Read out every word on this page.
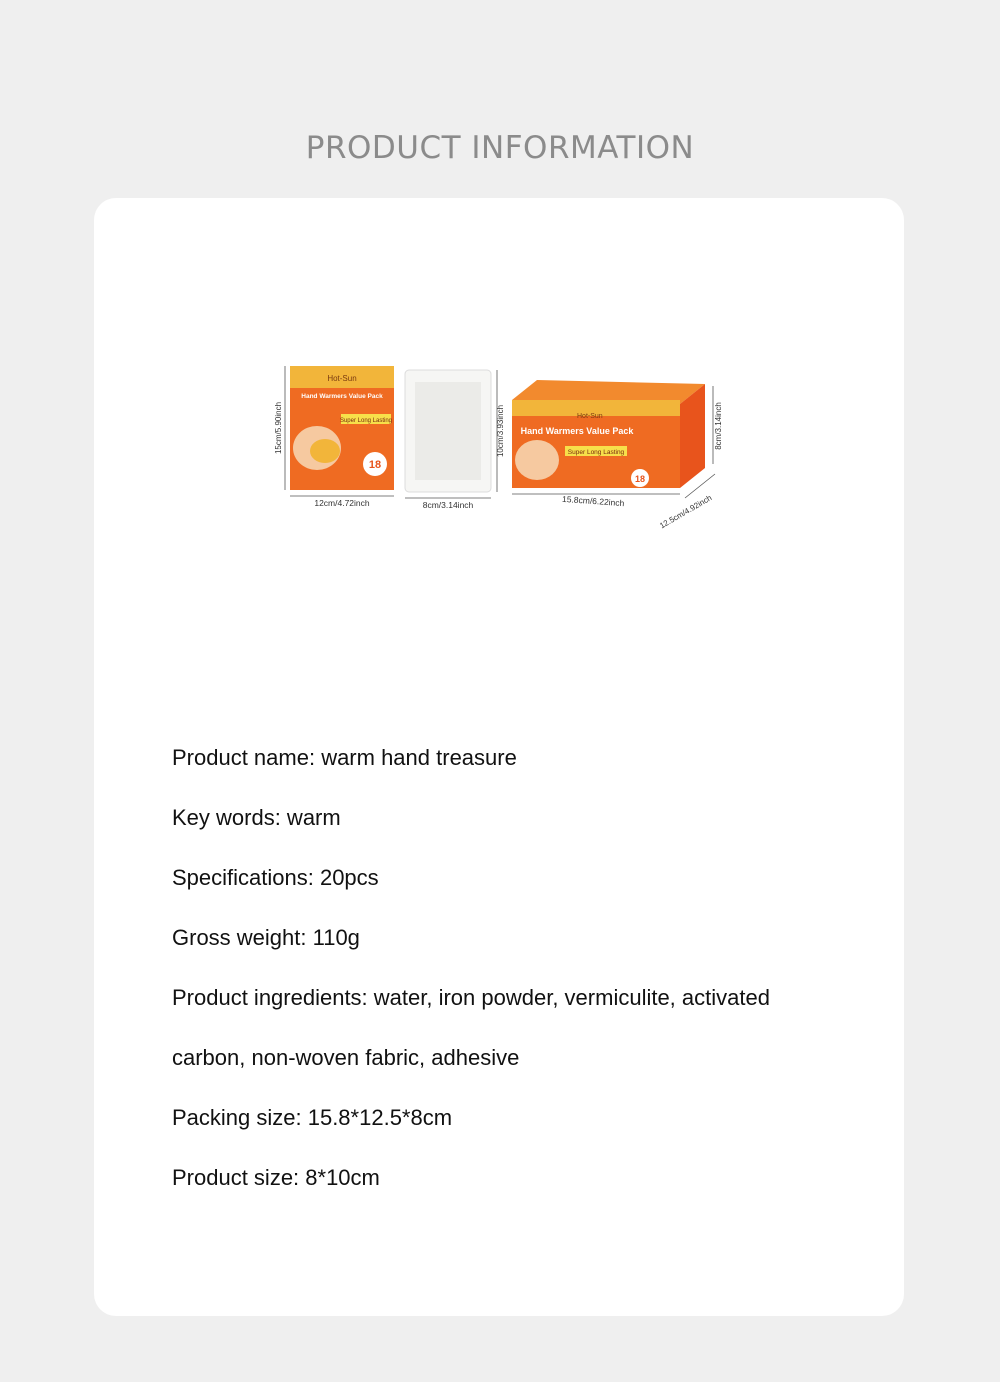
PRODUCT INFORMATION
Hot-Sun
Hand Warmers Value Pack
Super Long Lasting
18
15cm/5.90inch
12cm/4.72inch	8cm/3.14inch
10cm/3.93inch	Hot-Sun
Hand Warmers Value Pack
Super Long Lasting
18
15.8cm/6.22inch
8cm/3.14inch
12.5cm/4.92inch

Product name: warm hand treasure

Key words: warm

Specifications: 20pcs

Gross weight: 110g

Product ingredients: water, iron powder, vermiculite, activated

carbon, non-woven fabric, adhesive

Packing size: 15.8*12.5*8cm

Product size: 8*10cm
